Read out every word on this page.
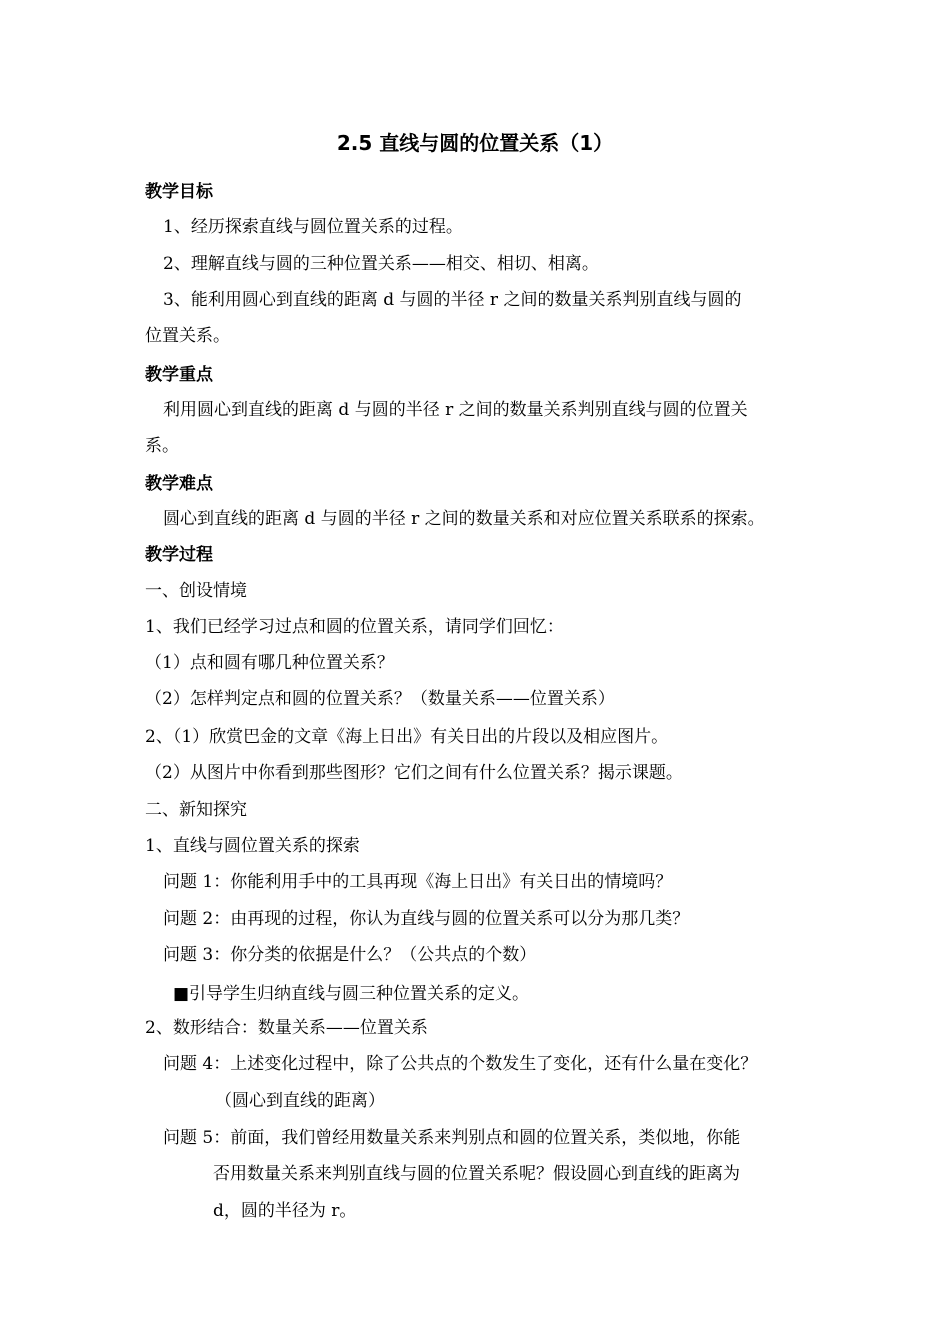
2.5 直线与圆的位置关系（1）
教学目标
1、经历探索直线与圆位置关系的过程。
2、理解直线与圆的三种位置关系——相交、相切、相离。
3、能利用圆心到直线的距离 d 与圆的半径 r 之间的数量关系判别直线与圆的
位置关系。
教学重点
利用圆心到直线的距离 d 与圆的半径 r 之间的数量关系判别直线与圆的位置关
系。
教学难点
圆心到直线的距离 d 与圆的半径 r 之间的数量关系和对应位置关系联系的探索。
教学过程
一、创设情境
1、我们已经学习过点和圆的位置关系，请同学们回忆：
（1）点和圆有哪几种位置关系？
（2）怎样判定点和圆的位置关系？（数量关系——位置关系）
2、（1）欣赏巴金的文章《海上日出》有关日出的片段以及相应图片。
（2）从图片中你看到那些图形？它们之间有什么位置关系？揭示课题。
二、新知探究
1、直线与圆位置关系的探索
问题 1：你能利用手中的工具再现《海上日出》有关日出的情境吗？
问题 2：由再现的过程，你认为直线与圆的位置关系可以分为那几类？
问题 3：你分类的依据是什么？（公共点的个数）
■引导学生归纳直线与圆三种位置关系的定义。
2、数形结合：数量关系——位置关系
问题 4：上述变化过程中，除了公共点的个数发生了变化，还有什么量在变化？
（圆心到直线的距离）
问题 5：前面，我们曾经用数量关系来判别点和圆的位置关系，类似地，你能
否用数量关系来判别直线与圆的位置关系呢？假设圆心到直线的距离为
d，圆的半径为 r。
